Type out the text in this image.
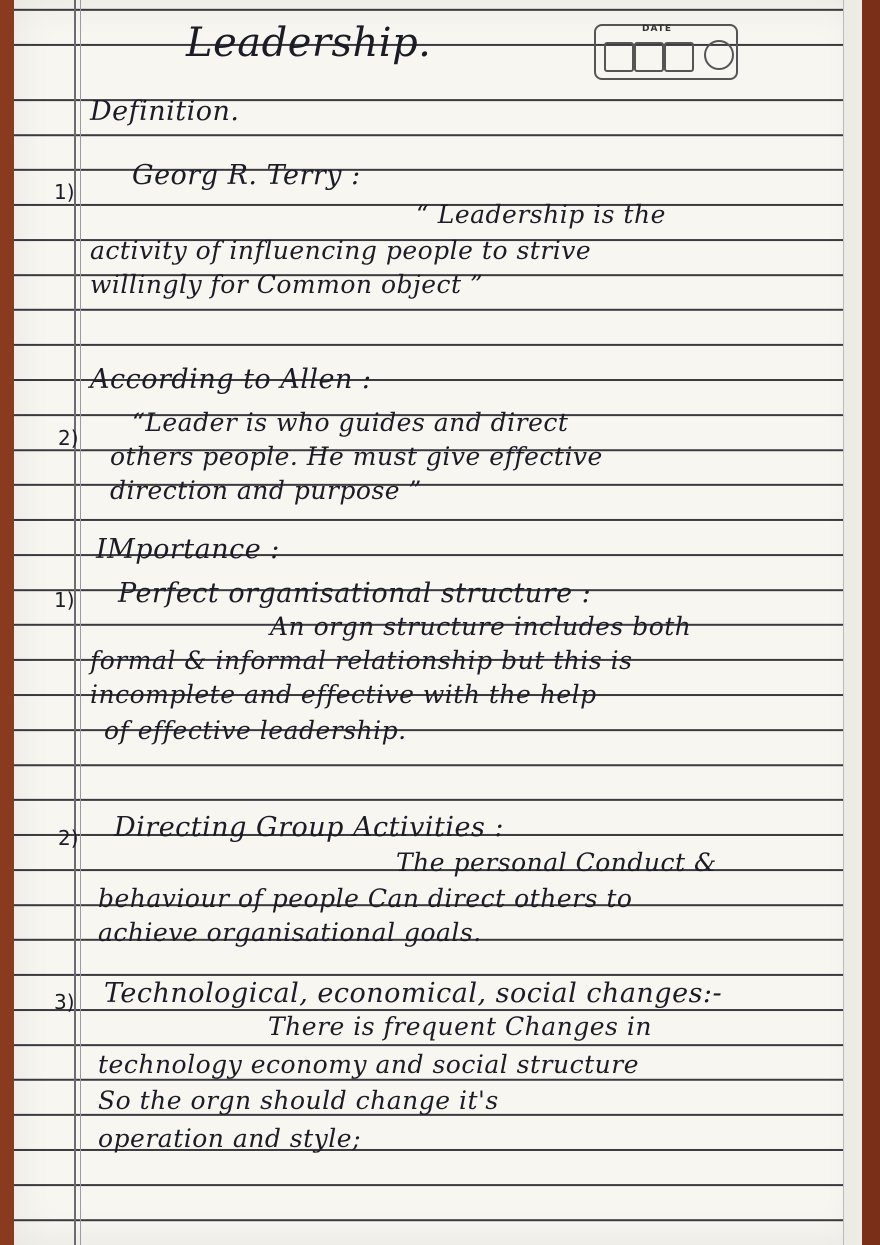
Leadership.	DATE
Definition.
1)
Georg R. Terry :
“ Leadership is the
activity of influencing people to strive
willingly for Common object ”
According to Allen :
2)
“Leader is who guides and direct
others people. He must give effective
direction and purpose ”
IMportance :
1) Perfect organisational structure :
An orgn structure includes both
formal & informal relationship but this is
incomplete and effective with the help
of effective leadership.
2) Directing Group Activities :
The personal Conduct &
behaviour of people Can direct others to
achieve organisational goals.
3) Technological, economical, social changes:-
There is frequent Changes in
technology economy and social structure
So the orgn should change it's
operation and style;
